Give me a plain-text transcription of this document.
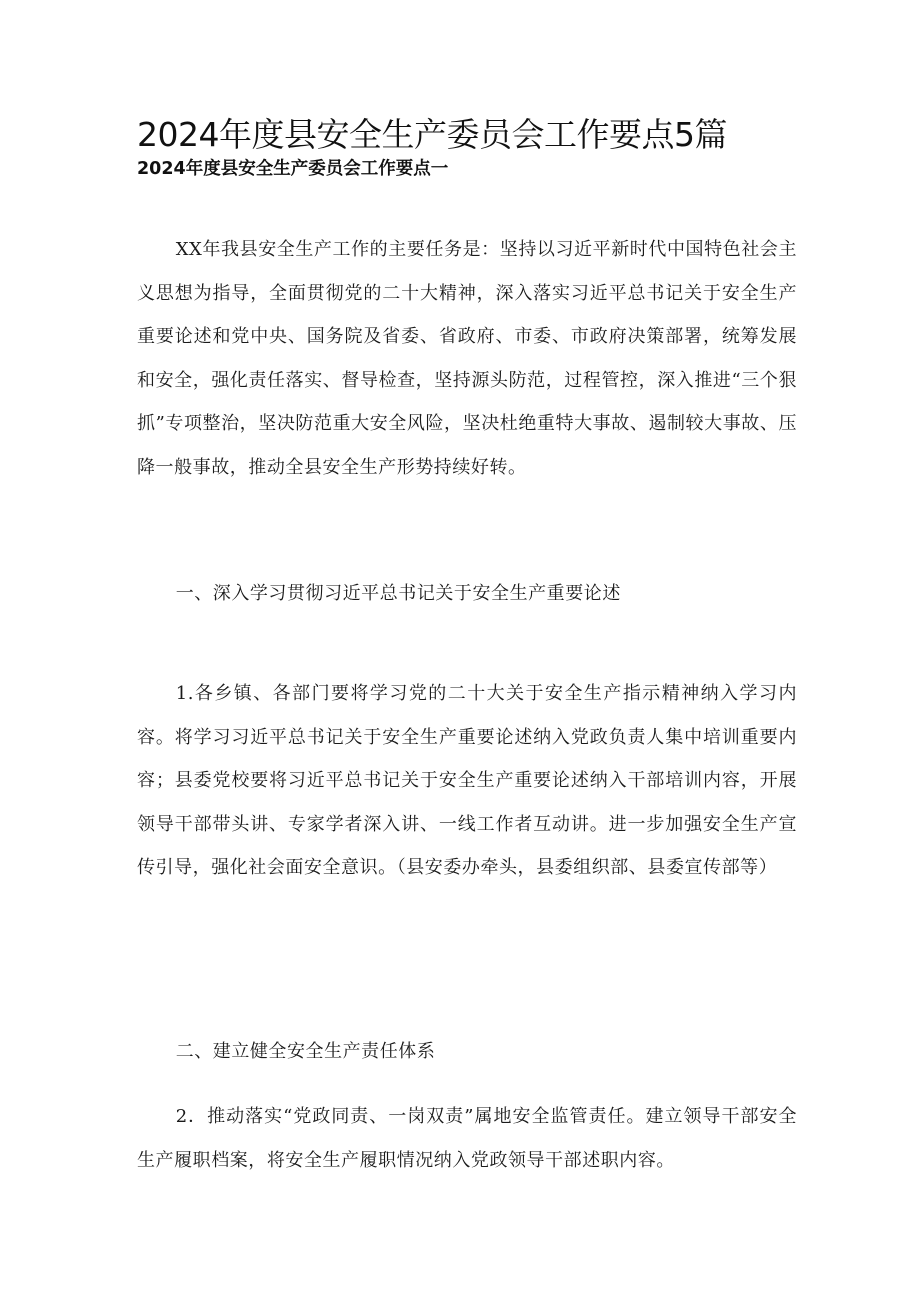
2024年度县安全生产委员会工作要点5篇
2024年度县安全生产委员会工作要点一

XX年我县安全生产工作的主要任务是：坚持以习近平新时代中国特色社会主义思想为指导，全面贯彻党的二十大精神，深入落实习近平总书记关于安全生产重要论述和党中央、国务院及省委、省政府、市委、市政府决策部署，统筹发展和安全，强化责任落实、督导检查，坚持源头防范，过程管控，深入推进“三个狠抓”专项整治，坚决防范重大安全风险，坚决杜绝重特大事故、遏制较大事故、压降一般事故，推动全县安全生产形势持续好转。

一、深入学习贯彻习近平总书记关于安全生产重要论述

1.各乡镇、各部门要将学习党的二十大关于安全生产指示精神纳入学习内容。将学习习近平总书记关于安全生产重要论述纳入党政负责人集中培训重要内容；县委党校要将习近平总书记关于安全生产重要论述纳入干部培训内容，开展领导干部带头讲、专家学者深入讲、一线工作者互动讲。进一步加强安全生产宣传引导，强化社会面安全意识。（县安委办牵头，县委组织部、县委宣传部等）

二、建立健全安全生产责任体系

2．推动落实“党政同责、一岗双责”属地安全监管责任。建立领导干部安全生产履职档案，将安全生产履职情况纳入党政领导干部述职内容。
